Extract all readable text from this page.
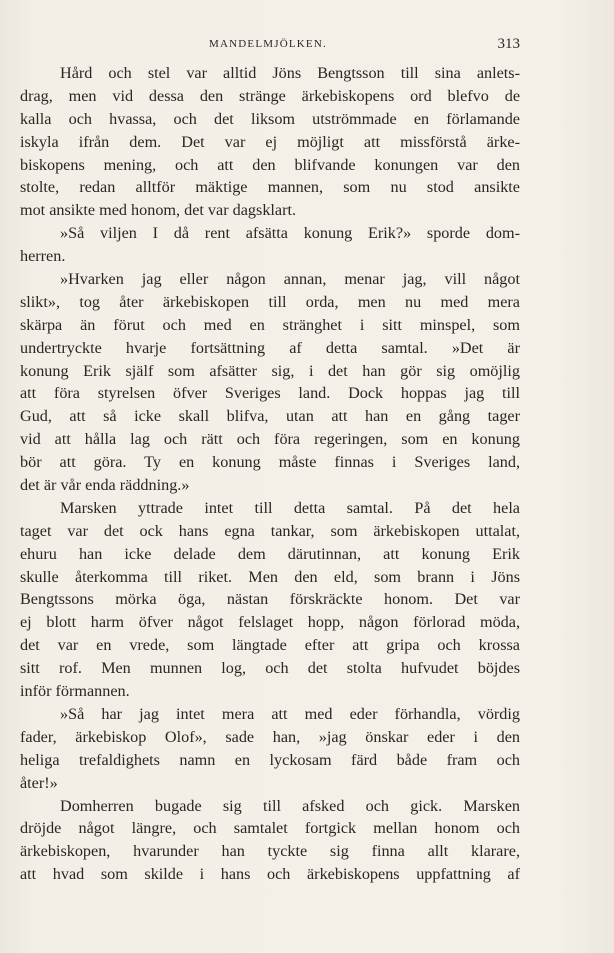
MANDELMJÖLKEN.	313
Hård och stel var alltid Jöns Bengtsson till sina anlets-
drag, men vid dessa den stränge ärkebiskopens ord blefvo de
kalla och hvassa, och det liksom utströmmade en förlamande
iskyla ifrån dem. Det var ej möjligt att missförstå ärke-
biskopens mening, och att den blifvande konungen var den
stolte, redan alltför mäktige mannen, som nu stod ansikte
mot ansikte med honom, det var dagsklart.
»Så viljen I då rent afsätta konung Erik?» sporde dom-
herren.
»Hvarken jag eller någon annan, menar jag, vill något
slikt», tog åter ärkebiskopen till orda, men nu med mera
skärpa än förut och med en stränghet i sitt minspel, som
undertryckte hvarje fortsättning af detta samtal. »Det är
konung Erik själf som afsätter sig, i det han gör sig omöjlig
att föra styrelsen öfver Sveriges land. Dock hoppas jag till
Gud, att så icke skall blifva, utan att han en gång tager
vid att hålla lag och rätt och föra regeringen, som en konung
bör att göra. Ty en konung måste finnas i Sveriges land,
det är vår enda räddning.»
Marsken yttrade intet till detta samtal. På det hela
taget var det ock hans egna tankar, som ärkebiskopen uttalat,
ehuru han icke delade dem därutinnan, att konung Erik
skulle återkomma till riket. Men den eld, som brann i Jöns
Bengtssons mörka öga, nästan förskräckte honom. Det var
ej blott harm öfver något felslaget hopp, någon förlorad möda,
det var en vrede, som längtade efter att gripa och krossa
sitt rof. Men munnen log, och det stolta hufvudet böjdes
inför förmannen.
»Så har jag intet mera att med eder förhandla, vördig
fader, ärkebiskop Olof», sade han, »jag önskar eder i den
heliga trefaldighets namn en lyckosam färd både fram och
åter!»
Domherren bugade sig till afsked och gick. Marsken
dröjde något längre, och samtalet fortgick mellan honom och
ärkebiskopen, hvarunder han tyckte sig finna allt klarare,
att hvad som skilde i hans och ärkebiskopens uppfattning af
